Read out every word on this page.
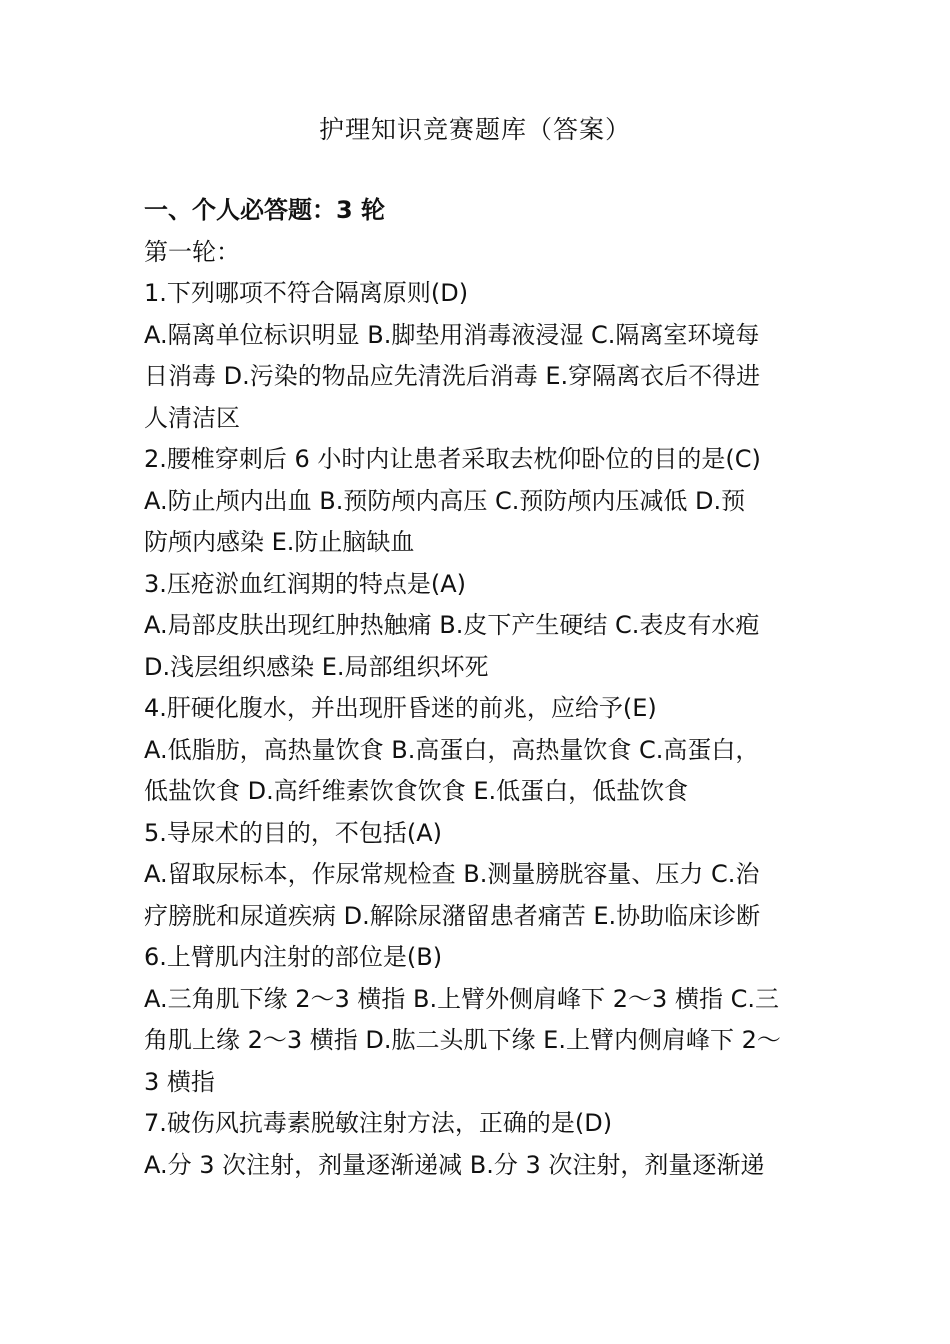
护理知识竞赛题库（答案）

一、个人必答题：3 轮

第一轮：

1.下列哪项不符合隔离原则(D)

A.隔离单位标识明显 B.脚垫用消毒液浸湿 C.隔离室环境每

日消毒 D.污染的物品应先清洗后消毒 E.穿隔离衣后不得进

人清洁区

2.腰椎穿刺后 6 小时内让患者采取去枕仰卧位的目的是(C)

A.防止颅内出血 B.预防颅内高压 C.预防颅内压减低 D.预

防颅内感染 E.防止脑缺血

3.压疮淤血红润期的特点是(A)

A.局部皮肤出现红肿热触痛 B.皮下产生硬结 C.表皮有水疱

D.浅层组织感染 E.局部组织坏死

4.肝硬化腹水，并出现肝昏迷的前兆，应给予(E)

A.低脂肪，高热量饮食 B.高蛋白，高热量饮食 C.高蛋白，

低盐饮食 D.高纤维素饮食饮食 E.低蛋白，低盐饮食

5.导尿术的目的，不包括(A)

A.留取尿标本，作尿常规检查 B.测量膀胱容量、压力 C.治

疗膀胱和尿道疾病 D.解除尿潴留患者痛苦 E.协助临床诊断

6.上臂肌内注射的部位是(B)

A.三角肌下缘 2～3 横指 B.上臂外侧肩峰下 2～3 横指 C.三

角肌上缘 2～3 横指 D.肱二头肌下缘 E.上臂内侧肩峰下 2～

3 横指

7.破伤风抗毒素脱敏注射方法，正确的是(D)

A.分 3 次注射，剂量逐渐递减 B.分 3 次注射，剂量逐渐递
